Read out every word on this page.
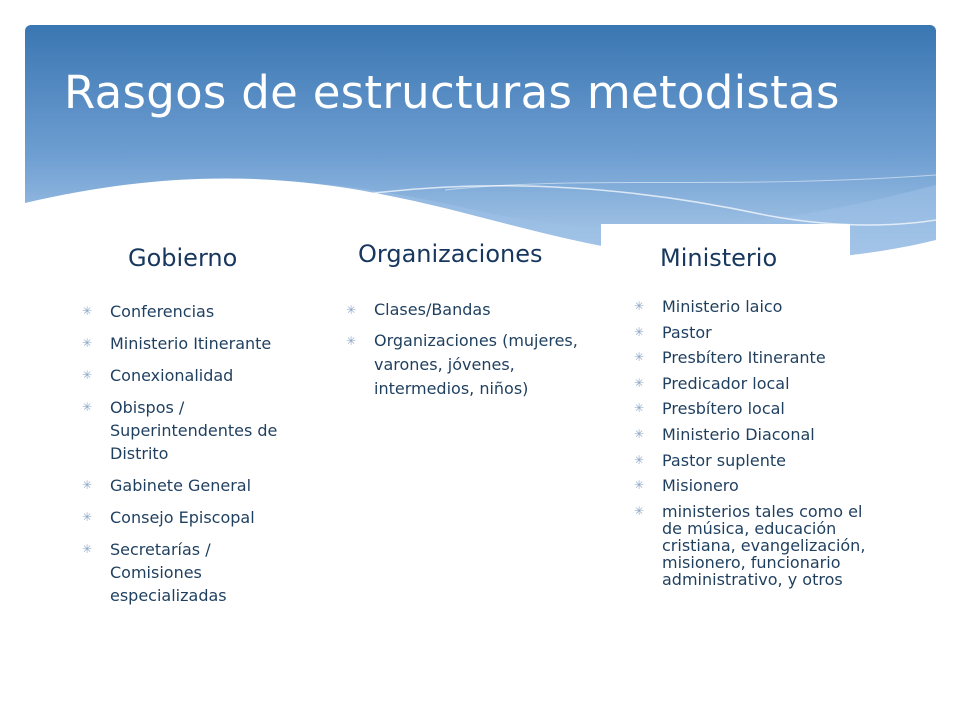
Rasgos de estructuras metodistas
Gobierno	Organizaciones	Ministerio
✳ Conferencias
✳ Ministerio Itinerante
✳ Conexionalidad
✳ Obispos / Superintendentes de Distrito
✳ Gabinete General
✳ Consejo Episcopal
✳ Secretarías / Comisiones especializadas
✳ Clases/Bandas
✳ Organizaciones (mujeres, varones, jóvenes, intermedios, niños)
✳ Ministerio laico
✳ Pastor
✳ Presbítero Itinerante
✳ Predicador local
✳ Presbítero local
✳ Ministerio Diaconal
✳ Pastor suplente
✳ Misionero
✳ ministerios tales como el de música, educación cristiana, evangelización, misionero, funcionario administrativo, y otros
